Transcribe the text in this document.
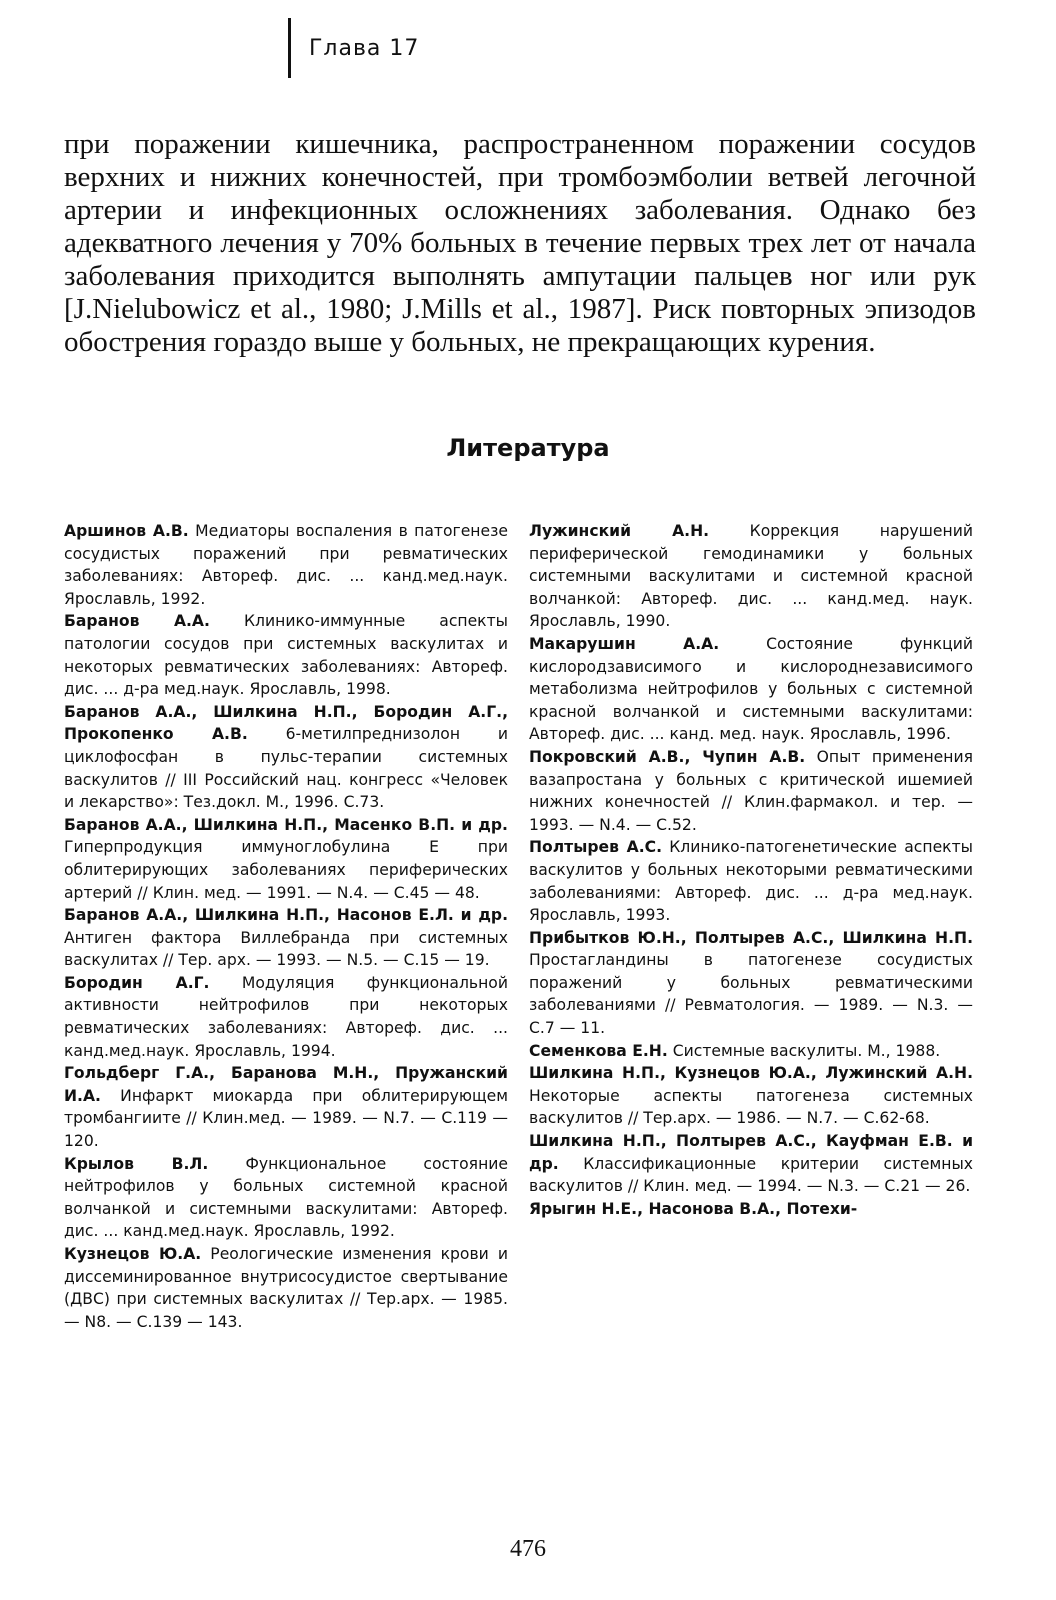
Глава 17

при поражении кишечника, распространенном поражении сосудов верхних и нижних конечностей, при тромбоэмболии ветвей легочной артерии и инфекционных осложнениях заболевания. Однако без адекватного лечения у 70% больных в течение первых трех лет от начала заболевания приходится выполнять ампутации пальцев ног или рук [J.Nielubowicz et al., 1980; J.Mills et al., 1987]. Риск повторных эпизодов обострения гораздо выше у больных, не прекращающих курения.

Литература

Аршинов А.В. Медиаторы воспаления в патогенезе сосудистых поражений при ревматических заболеваниях: Автореф. дис. ... канд.мед.наук. Ярославль, 1992.

Баранов А.А. Клинико-иммунные аспекты патологии сосудов при системных васкулитах и некоторых ревматических заболеваниях: Автореф. дис. ... д-ра мед.наук. Ярославль, 1998.

Баранов А.А., Шилкина Н.П., Бородин А.Г., Прокопенко А.В. 6-метилпреднизолон и циклофосфан в пульс-терапии системных васкулитов // III Российский нац. конгресс «Человек и лекарство»: Тез.докл. М., 1996. С.73.

Баранов А.А., Шилкина Н.П., Масенко В.П. и др. Гиперпродукция иммуноглобулина Е при облитерирующих заболеваниях периферических артерий // Клин. мед. — 1991. — N.4. — С.45 — 48.

Баранов А.А., Шилкина Н.П., Насонов Е.Л. и др. Антиген фактора Виллебранда при системных васкулитах // Тер. арх. — 1993. — N.5. — С.15 — 19.

Бородин А.Г. Модуляция функциональной активности нейтрофилов при некоторых ревматических заболеваниях: Автореф. дис. ... канд.мед.наук. Ярославль, 1994.

Гольдберг Г.А., Баранова М.Н., Пружанский И.А. Инфаркт миокарда при облитерирующем тромбангиите // Клин.мед. — 1989. — N.7. — С.119 — 120.

Крылов В.Л. Функциональное состояние нейтрофилов у больных системной красной волчанкой и системными васкулитами: Автореф. дис. ... канд.мед.наук. Ярославль, 1992.

Кузнецов Ю.А. Реологические изменения крови и диссеминированное внутрисосудистое свертывание (ДВС) при системных васкулитах // Тер.арх. — 1985. — N8. — С.139 — 143.

Лужинский А.Н. Коррекция нарушений периферической гемодинамики у больных системными васкулитами и системной красной волчанкой: Автореф. дис. ... канд.мед. наук. Ярославль, 1990.

Макарушин А.А. Состояние функций кислородзависимого и кислороднезависимого метаболизма нейтрофилов у больных с системной красной волчанкой и системными васкулитами: Автореф. дис. ... канд. мед. наук. Ярославль, 1996.

Покровский А.В., Чупин А.В. Опыт применения вазапростана у больных с критической ишемией нижних конечностей // Клин.фармакол. и тер. — 1993. — N.4. — С.52.

Полтырев А.С. Клинико-патогенетические аспекты васкулитов у больных некоторыми ревматическими заболеваниями: Автореф. дис. ... д-ра мед.наук. Ярославль, 1993.

Прибытков Ю.Н., Полтырев А.С., Шилкина Н.П. Простагландины в патогенезе сосудистых поражений у больных ревматическими заболеваниями // Ревматология. — 1989. — N.3. — С.7 — 11.

Семенкова Е.Н. Системные васкулиты. М., 1988.

Шилкина Н.П., Кузнецов Ю.А., Лужинский А.Н. Некоторые аспекты патогенеза системных васкулитов // Тер.арх. — 1986. — N.7. — С.62-68.

Шилкина Н.П., Полтырев А.С., Кауфман Е.В. и др. Классификационные критерии системных васкулитов // Клин. мед. — 1994. — N.3. — С.21 — 26.

Ярыгин Н.Е., Насонова В.А., Потехи-

476
